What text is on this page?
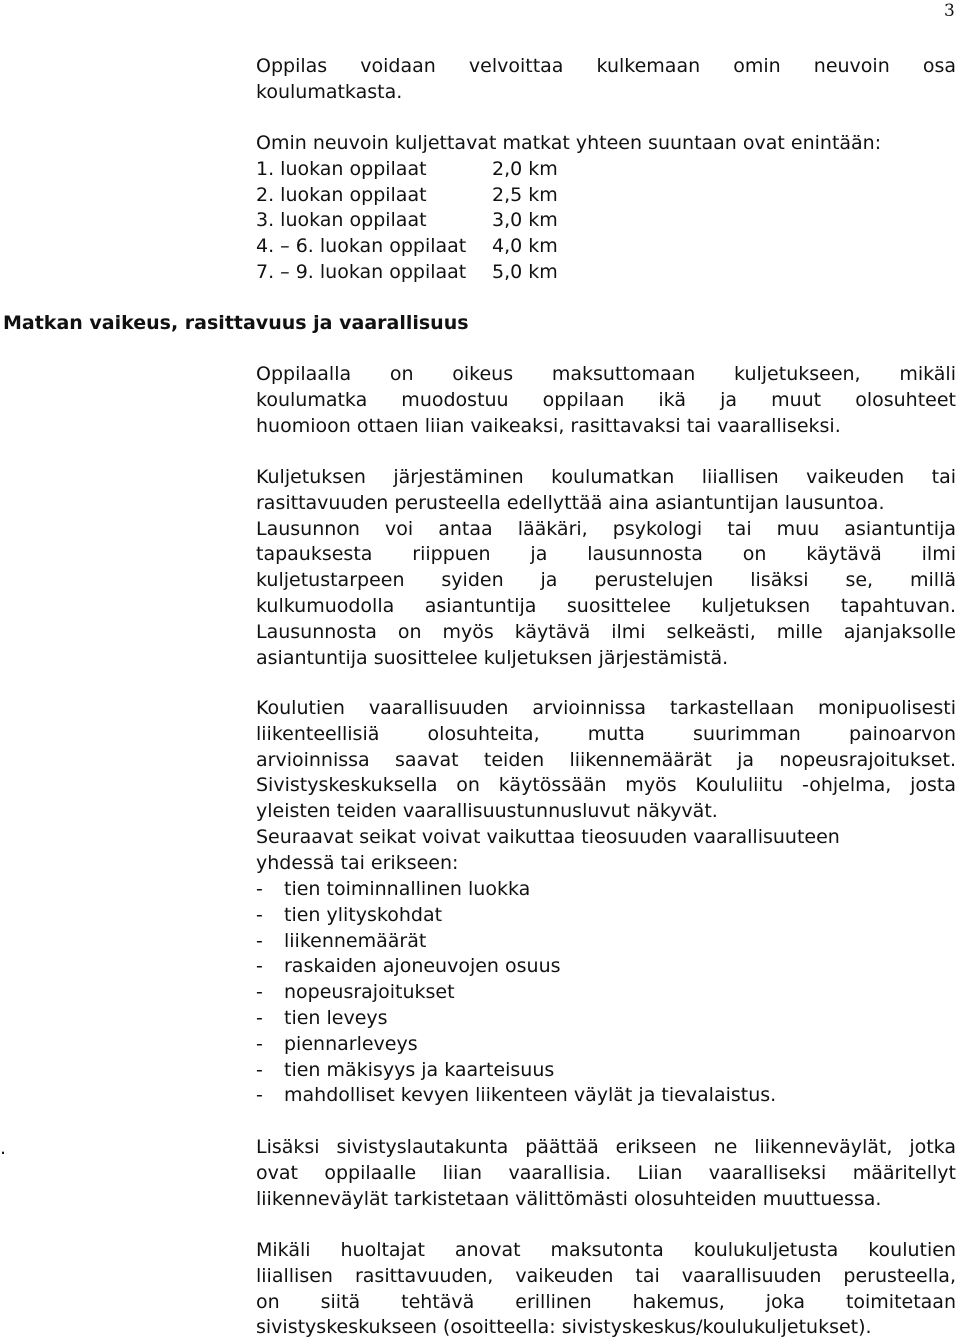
3
Oppilas voidaan velvoittaa kulkemaan omin neuvoin osa
koulumatkasta.
Omin neuvoin kuljettavat matkat yhteen suuntaan ovat enintään:
1. luokan oppilaat	2,0 km
2. luokan oppilaat	2,5 km
3. luokan oppilaat	3,0 km
4. – 6. luokan oppilaat	4,0 km
7. – 9. luokan oppilaat	5,0 km
Matkan vaikeus, rasittavuus ja vaarallisuus
Oppilaalla on oikeus maksuttomaan kuljetukseen, mikäli
koulumatka muodostuu oppilaan ikä ja muut olosuhteet
huomioon ottaen liian vaikeaksi, rasittavaksi tai vaaralliseksi.
Kuljetuksen järjestäminen koulumatkan liiallisen vaikeuden tai
rasittavuuden perusteella edellyttää aina asiantuntijan lausuntoa.
Lausunnon voi antaa lääkäri, psykologi tai muu asiantuntija
tapauksesta riippuen ja lausunnosta on käytävä ilmi
kuljetustarpeen syiden ja perustelujen lisäksi se, millä
kulkumuodolla asiantuntija suosittelee kuljetuksen tapahtuvan.
Lausunnosta on myös käytävä ilmi selkeästi, mille ajanjaksolle
asiantuntija suosittelee kuljetuksen järjestämistä.
Koulutien vaarallisuuden arvioinnissa tarkastellaan monipuolisesti
liikenteellisiä olosuhteita, mutta suurimman painoarvon
arvioinnissa saavat teiden liikennemäärät ja nopeusrajoitukset.
Sivistyskeskuksella on käytössään myös Koululiitu -ohjelma, josta
yleisten teiden vaarallisuustunnusluvut näkyvät.
Seuraavat seikat voivat vaikuttaa tieosuuden vaarallisuuteen
yhdessä tai erikseen:
-	tien toiminnallinen luokka
-	tien ylityskohdat
-	liikennemäärät
-	raskaiden ajoneuvojen osuus
-	nopeusrajoitukset
-	tien leveys
-	piennarleveys
-	tien mäkisyys ja kaarteisuus
-	mahdolliset kevyen liikenteen väylät ja tievalaistus.
.	Lisäksi sivistyslautakunta päättää erikseen ne liikenneväylät, jotka
ovat oppilaalle liian vaarallisia. Liian vaaralliseksi määritellyt
liikenneväylät tarkistetaan välittömästi olosuhteiden muuttuessa.
Mikäli huoltajat anovat maksutonta koulukuljetusta koulutien
liiallisen rasittavuuden, vaikeuden tai vaarallisuuden perusteella,
on siitä tehtävä erillinen hakemus, joka toimitetaan
sivistyskeskukseen (osoitteella: sivistyskeskus/koulukuljetukset).
